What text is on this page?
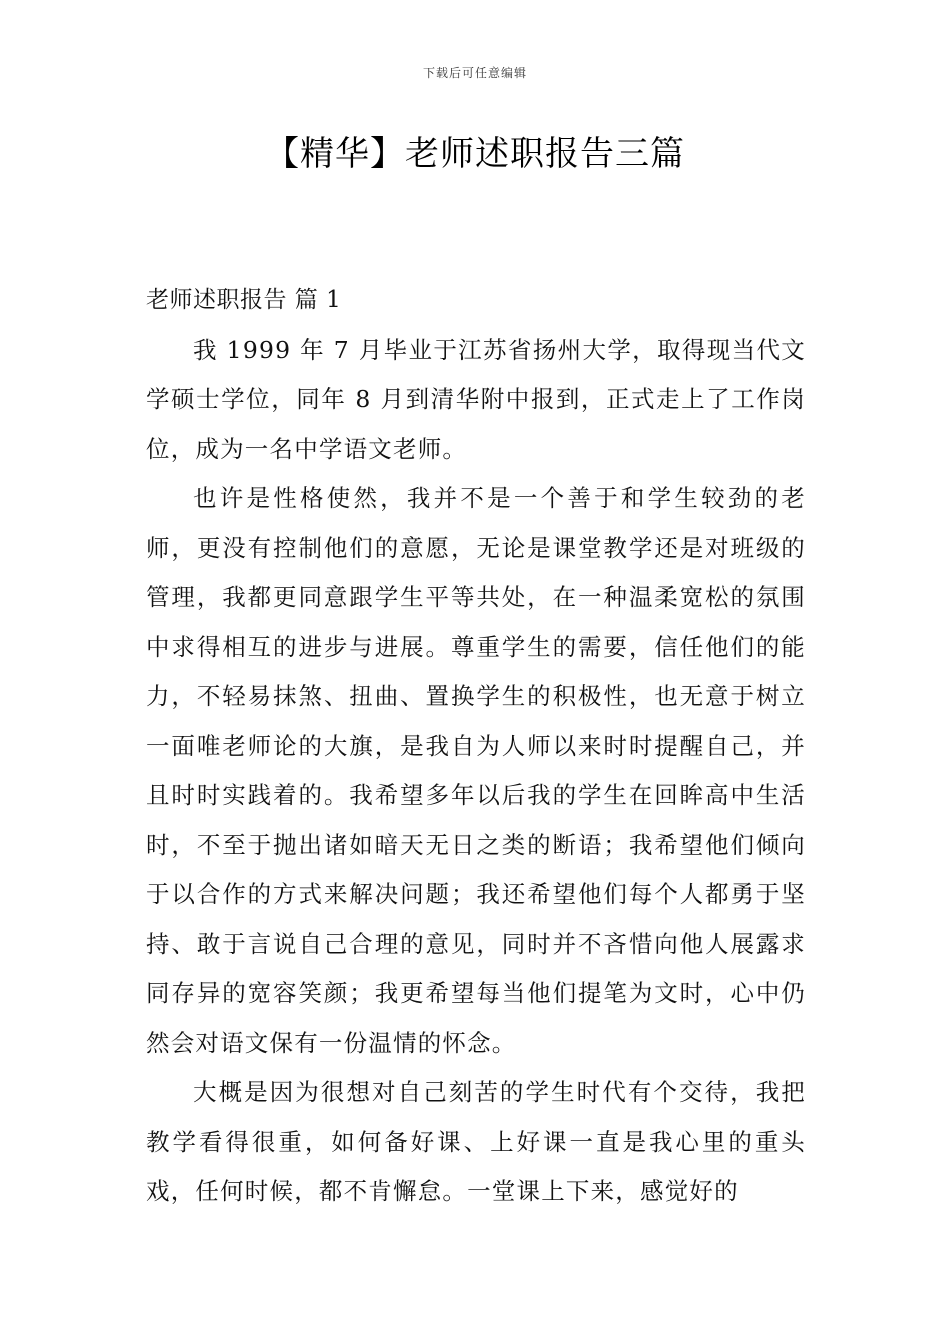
下载后可任意编辑
【精华】老师述职报告三篇

老师述职报告 篇 1

我 1999 年 7 月毕业于江苏省扬州大学，取得现当代文学硕士学位，同年 8 月到清华附中报到，正式走上了工作岗位，成为一名中学语文老师。

也许是性格使然，我并不是一个善于和学生较劲的老师，更没有控制他们的意愿，无论是课堂教学还是对班级的管理，我都更同意跟学生平等共处，在一种温柔宽松的氛围中求得相互的进步与进展。尊重学生的需要，信任他们的能力，不轻易抹煞、扭曲、置换学生的积极性，也无意于树立一面唯老师论的大旗，是我自为人师以来时时提醒自己，并且时时实践着的。我希望多年以后我的学生在回眸高中生活时，不至于抛出诸如暗天无日之类的断语；我希望他们倾向于以合作的方式来解决问题；我还希望他们每个人都勇于坚持、敢于言说自己合理的意见，同时并不吝惜向他人展露求同存异的宽容笑颜；我更希望每当他们提笔为文时，心中仍然会对语文保有一份温情的怀念。

大概是因为很想对自己刻苦的学生时代有个交待，我把教学看得很重，如何备好课、上好课一直是我心里的重头戏，任何时候，都不肯懈怠。一堂课上下来，感觉好的
